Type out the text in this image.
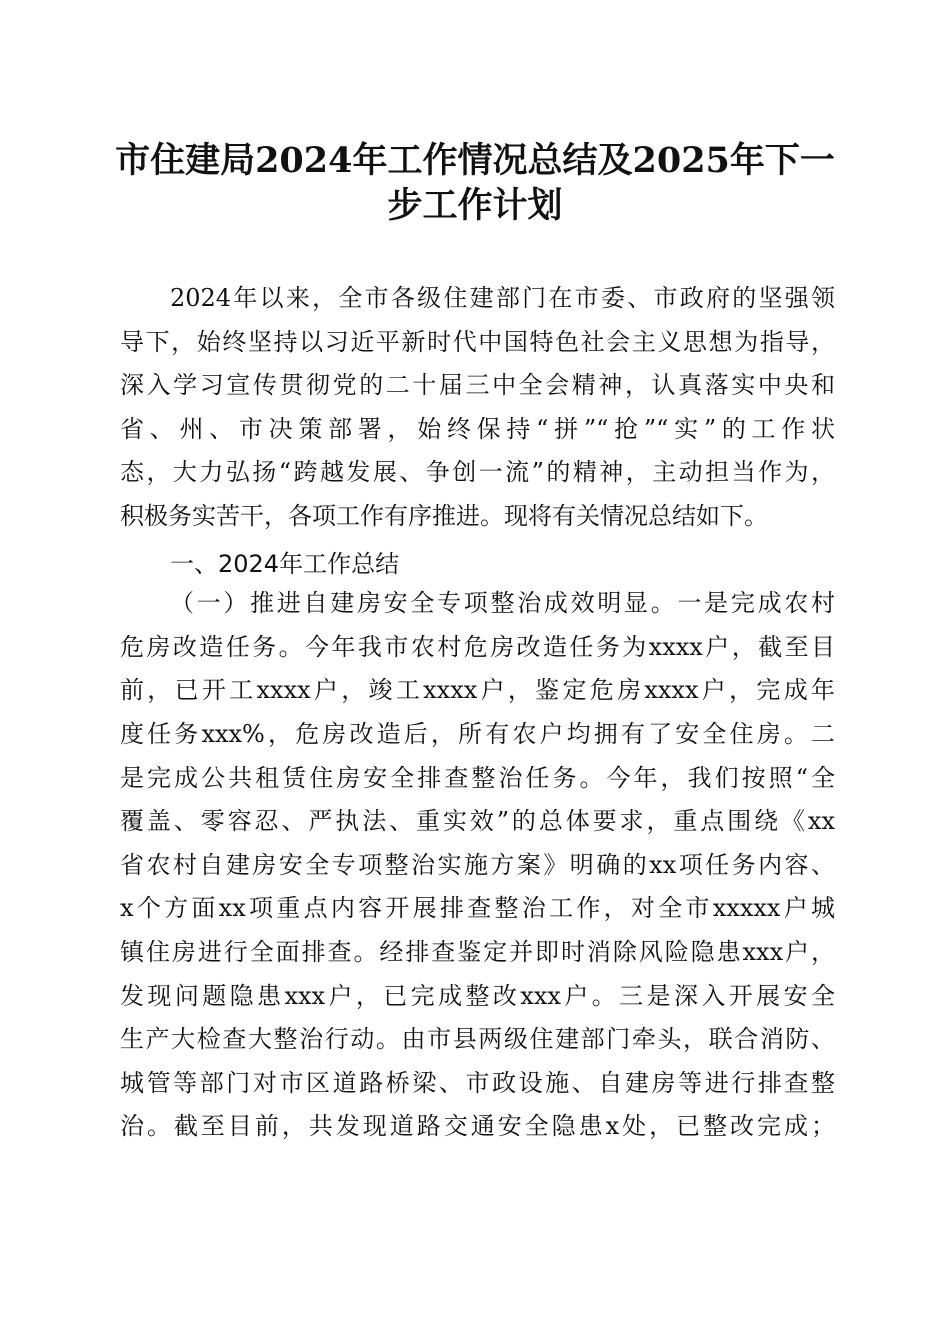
市住建局2024年工作情况总结及2025年下一
步工作计划
2024年以来，全市各级住建部门在市委、市政府的坚强领
导下，始终坚持以习近平新时代中国特色社会主义思想为指导，
深入学习宣传贯彻党的二十届三中全会精神，认真落实中央和
省、州、市决策部署，始终保持“拼”“抢”“实”的工作状
态，大力弘扬“跨越发展、争创一流”的精神，主动担当作为，
积极务实苦干，各项工作有序推进。现将有关情况总结如下。
一、2024年工作总结
（一）推进自建房安全专项整治成效明显。一是完成农村
危房改造任务。今年我市农村危房改造任务为xxxx户，截至目
前，已开工xxxx户，竣工xxxx户，鉴定危房xxxx户，完成年
度任务xxx%，危房改造后，所有农户均拥有了安全住房。二
是完成公共租赁住房安全排查整治任务。今年，我们按照“全
覆盖、零容忍、严执法、重实效”的总体要求，重点围绕《xx
省农村自建房安全专项整治实施方案》明确的xx项任务内容、
x个方面xx项重点内容开展排查整治工作，对全市xxxxx户城
镇住房进行全面排查。经排查鉴定并即时消除风险隐患xxx户，
发现问题隐患xxx户，已完成整改xxx户。三是深入开展安全
生产大检查大整治行动。由市县两级住建部门牵头，联合消防、
城管等部门对市区道路桥梁、市政设施、自建房等进行排查整
治。截至目前，共发现道路交通安全隐患x处，已整改完成；
